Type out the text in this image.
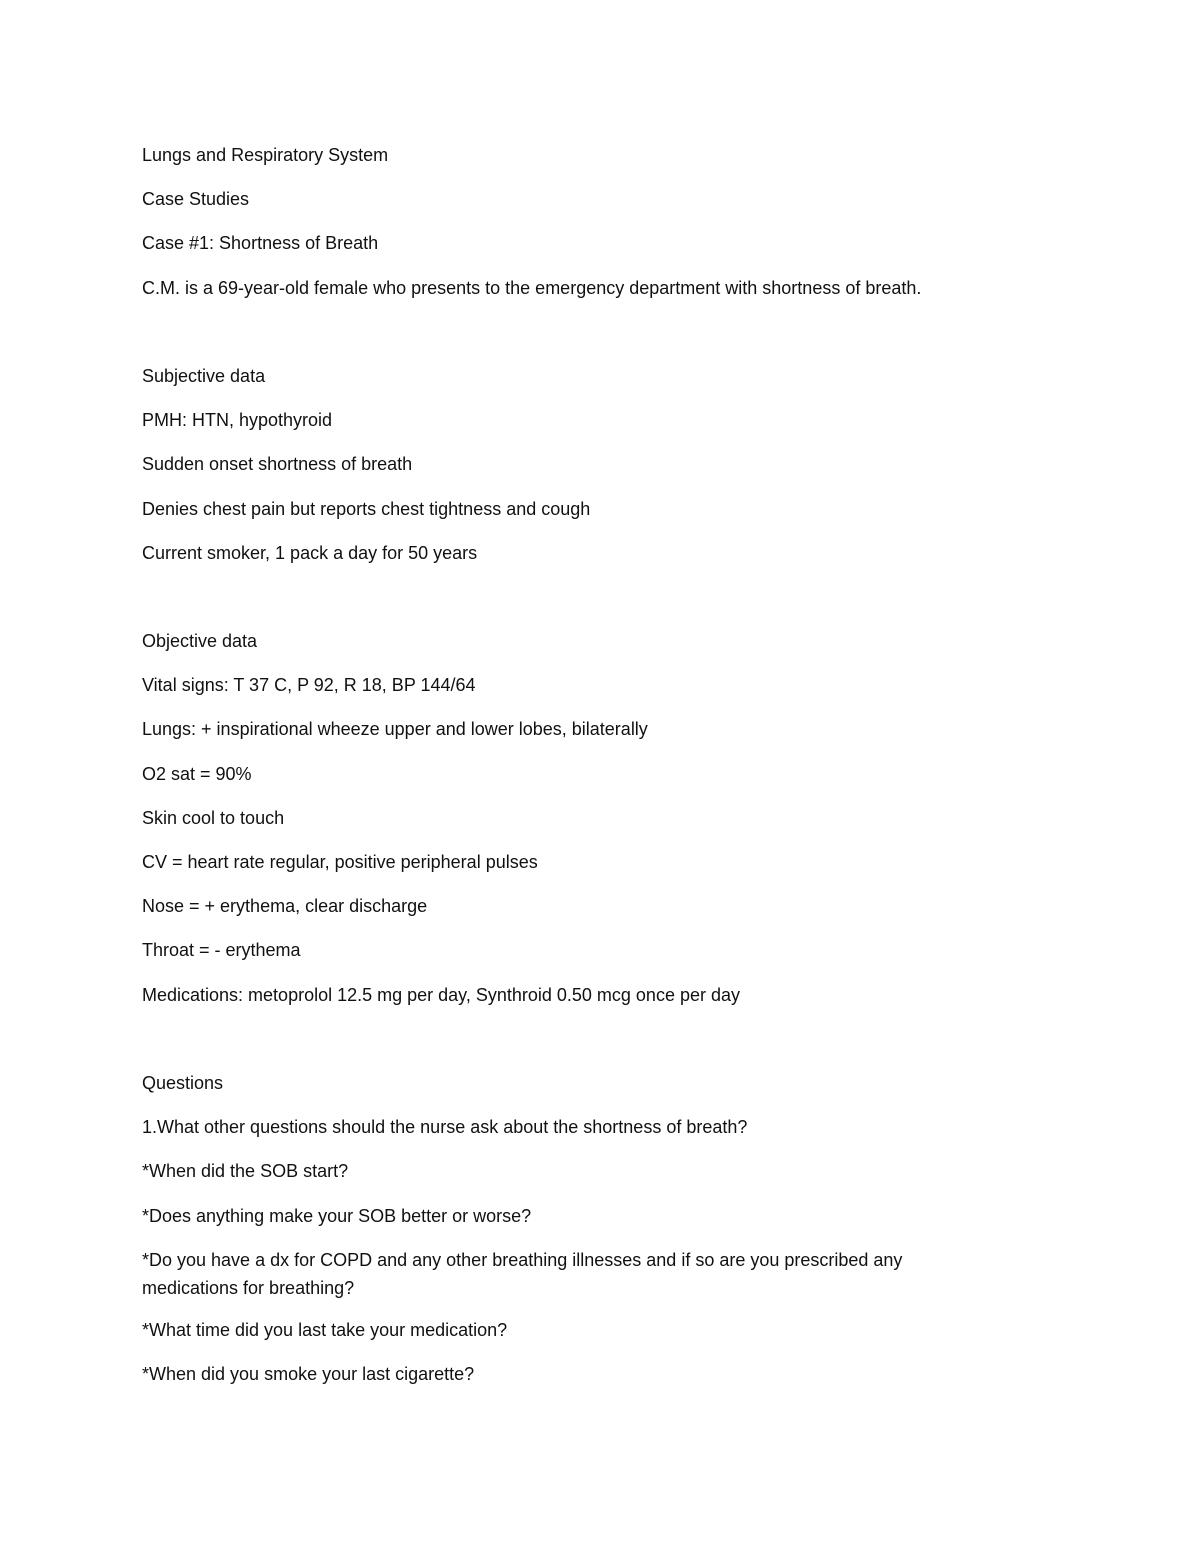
Lungs and Respiratory System
Case Studies
Case #1: Shortness of Breath
C.M. is a 69-year-old female who presents to the emergency department with shortness of breath.
Subjective data
PMH: HTN, hypothyroid
Sudden onset shortness of breath
Denies chest pain but reports chest tightness and cough
Current smoker, 1 pack a day for 50 years
Objective data
Vital signs: T 37 C, P 92, R 18, BP 144/64
Lungs: + inspirational wheeze upper and lower lobes, bilaterally
O2 sat = 90%
Skin cool to touch
CV = heart rate regular, positive peripheral pulses
Nose = + erythema, clear discharge
Throat = - erythema
Medications: metoprolol 12.5 mg per day, Synthroid 0.50 mcg once per day
Questions
1.What other questions should the nurse ask about the shortness of breath?
*When did the SOB start?
*Does anything make your SOB better or worse?
*Do you have a dx for COPD and any other breathing illnesses and if so are you prescribed any medications for breathing?
*What time did you last take your medication?
*When did you smoke your last cigarette?
